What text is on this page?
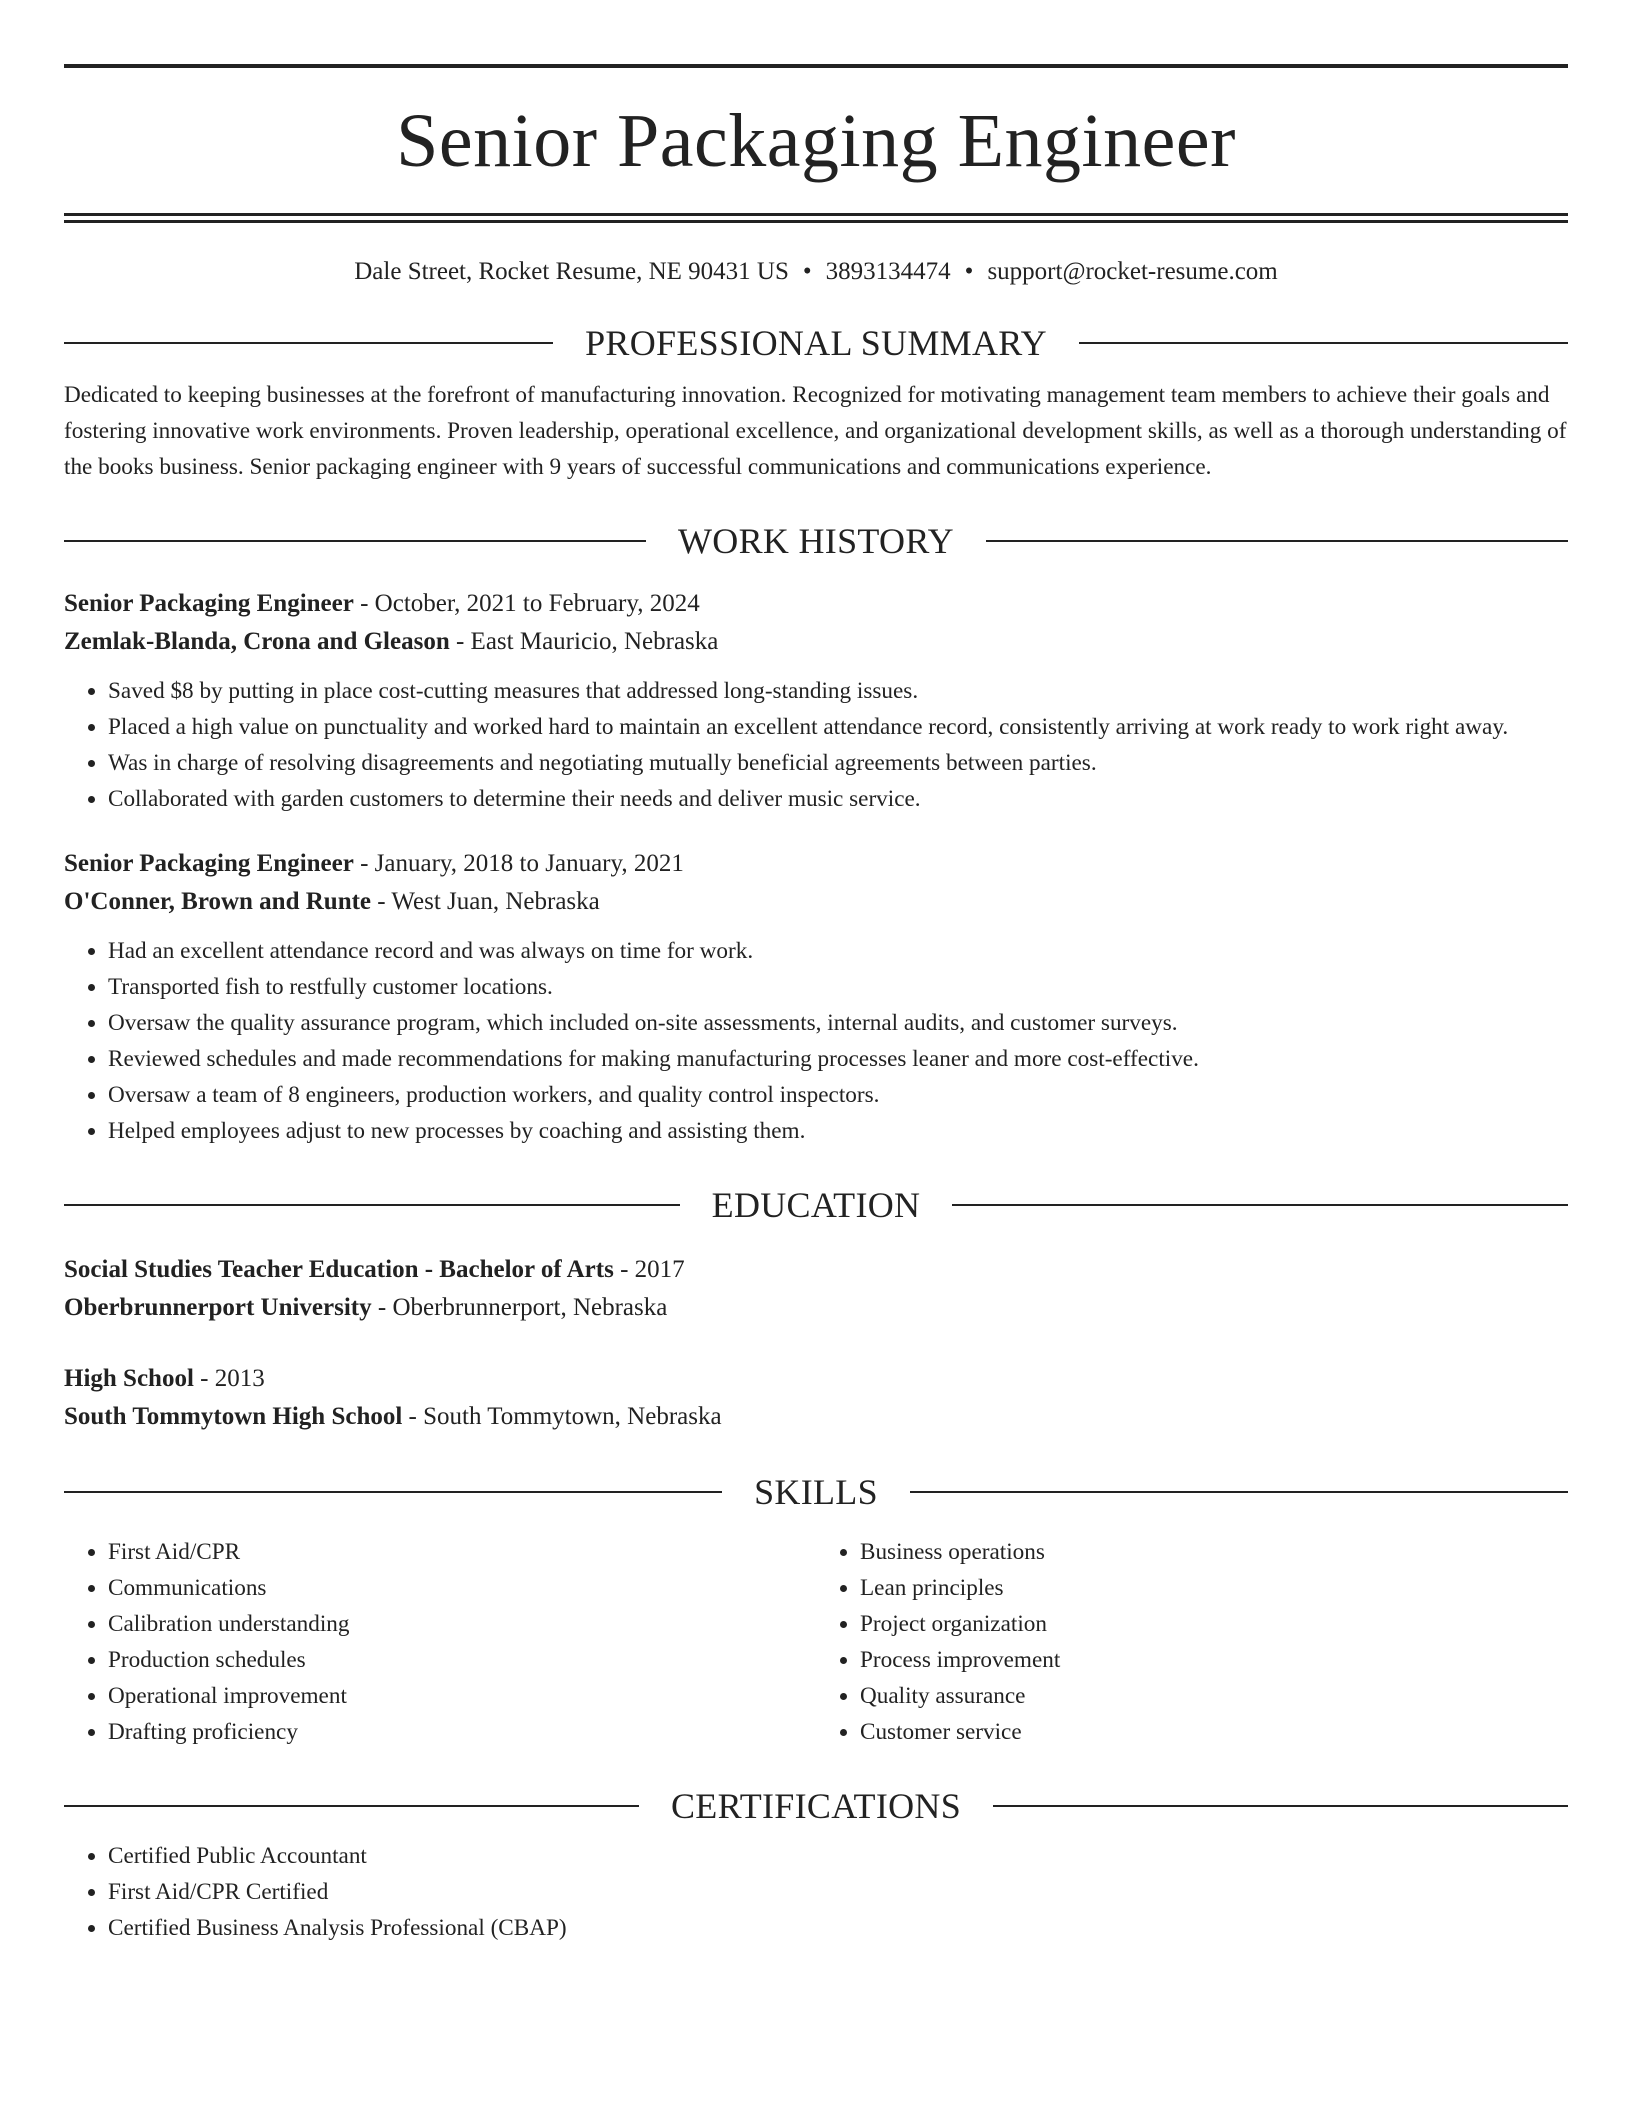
Senior Packaging Engineer
Dale Street, Rocket Resume, NE 90431 US • 3893134474 • support@rocket-resume.com
PROFESSIONAL SUMMARY
Dedicated to keeping businesses at the forefront of manufacturing innovation. Recognized for motivating management team members to achieve their goals and fostering innovative work environments. Proven leadership, operational excellence, and organizational development skills, as well as a thorough understanding of the books business. Senior packaging engineer with 9 years of successful communications and communications experience.
WORK HISTORY
Senior Packaging Engineer - October, 2021 to February, 2024
Zemlak-Blanda, Crona and Gleason - East Mauricio, Nebraska
• Saved $8 by putting in place cost-cutting measures that addressed long-standing issues.
• Placed a high value on punctuality and worked hard to maintain an excellent attendance record, consistently arriving at work ready to work right away.
• Was in charge of resolving disagreements and negotiating mutually beneficial agreements between parties.
• Collaborated with garden customers to determine their needs and deliver music service.
Senior Packaging Engineer - January, 2018 to January, 2021
O'Conner, Brown and Runte - West Juan, Nebraska
• Had an excellent attendance record and was always on time for work.
• Transported fish to restfully customer locations.
• Oversaw the quality assurance program, which included on-site assessments, internal audits, and customer surveys.
• Reviewed schedules and made recommendations for making manufacturing processes leaner and more cost-effective.
• Oversaw a team of 8 engineers, production workers, and quality control inspectors.
• Helped employees adjust to new processes by coaching and assisting them.
EDUCATION
Social Studies Teacher Education - Bachelor of Arts - 2017
Oberbrunnerport University - Oberbrunnerport, Nebraska
High School - 2013
South Tommytown High School - South Tommytown, Nebraska
SKILLS
• First Aid/CPR
• Communications
• Calibration understanding
• Production schedules
• Operational improvement
• Drafting proficiency
• Business operations
• Lean principles
• Project organization
• Process improvement
• Quality assurance
• Customer service
CERTIFICATIONS
• Certified Public Accountant
• First Aid/CPR Certified
• Certified Business Analysis Professional (CBAP)
